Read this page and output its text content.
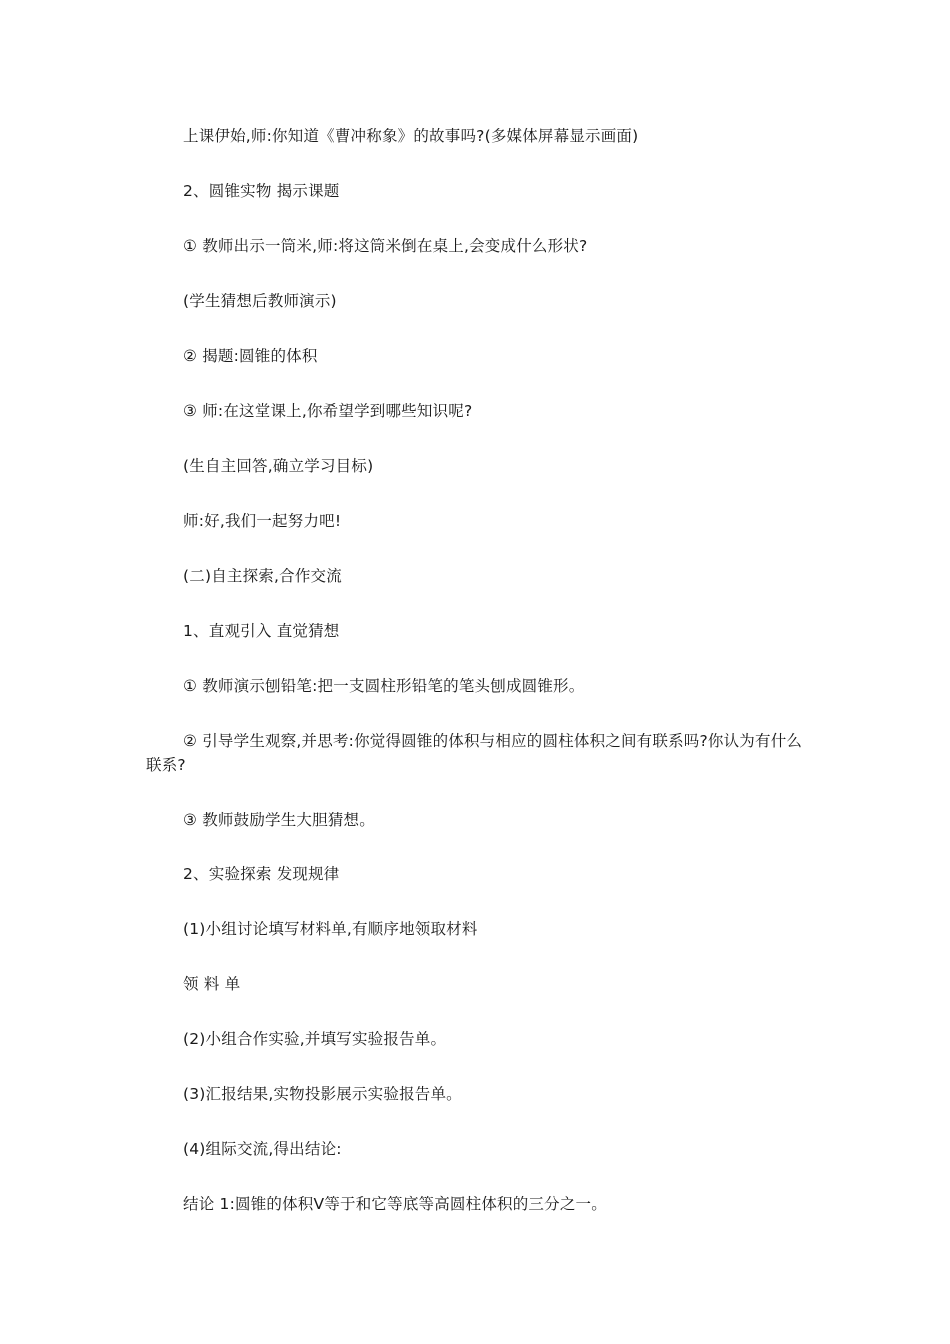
上课伊始,师:你知道《曹冲称象》的故事吗?(多媒体屏幕显示画面)

2、圆锥实物 揭示课题

① 教师出示一筒米,师:将这筒米倒在桌上,会变成什么形状?

(学生猜想后教师演示)

② 揭题:圆锥的体积

③ 师:在这堂课上,你希望学到哪些知识呢?

(生自主回答,确立学习目标)

师:好,我们一起努力吧!

(二)自主探索,合作交流

1、直观引入 直觉猜想

① 教师演示刨铅笔:把一支圆柱形铅笔的笔头刨成圆锥形。

② 引导学生观察,并思考:你觉得圆锥的体积与相应的圆柱体积之间有联系吗?你认为有什么联系?

③ 教师鼓励学生大胆猜想。

2、实验探索 发现规律

(1)小组讨论填写材料单,有顺序地领取材料

领 料 单

(2)小组合作实验,并填写实验报告单。

(3)汇报结果,实物投影展示实验报告单。

(4)组际交流,得出结论:

结论 1:圆锥的体积Ⅴ等于和它等底等高圆柱体积的三分之一。
